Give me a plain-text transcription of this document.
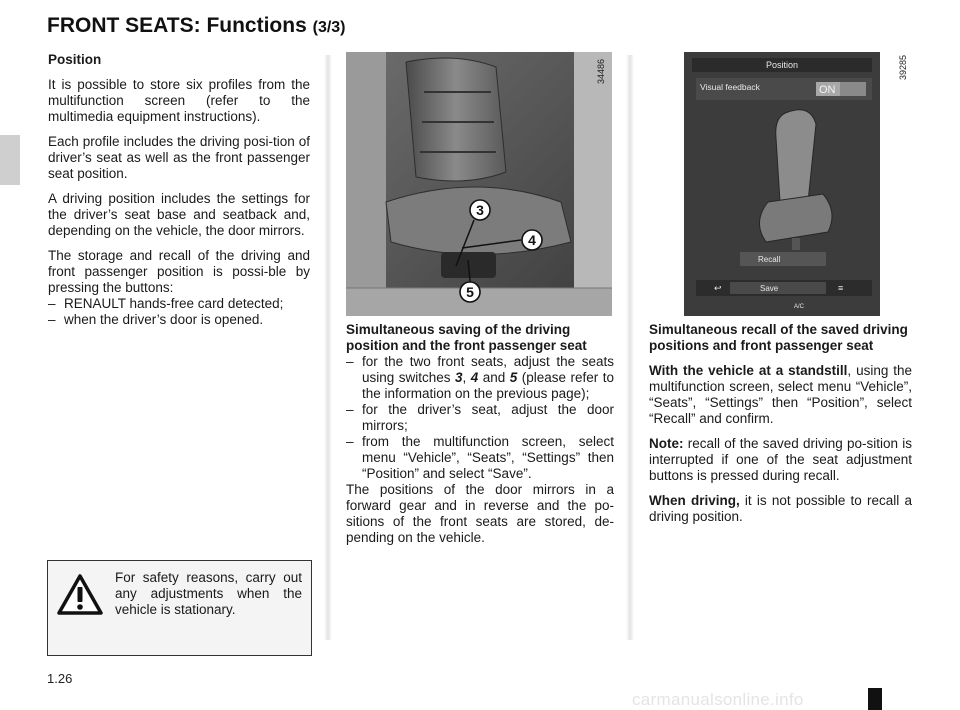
FRONT SEATS: Functions (3/3)

Position

It is possible to store six profiles from the multifunction screen (refer to the multimedia equipment instructions).

Each profile includes the driving posi-tion of driver’s seat as well as the front passenger seat position.

A driving position includes the settings for the driver’s seat base and seatback and, depending on the vehicle, the door mirrors.

The storage and recall of the driving and front passenger position is possi-ble by pressing the buttons:

– RENAULT hands-free card detected;
– when the driver’s door is opened.
For safety reasons, carry out any adjustments when the vehicle is stationary.
3
4
5
34486	Position
Visual feedback	ON
Recall
↩	Save	≡
A/C
39285

Simultaneous saving of the driving position and the front passenger seat

– for the two front seats, adjust the seats using switches 3, 4 and 5 (please refer to the information on the previous page);
– for the driver’s seat, adjust the door mirrors;
– from the multifunction screen, select menu “Vehicle”, “Seats”, “Settings” then “Position” and select “Save”.

The positions of the door mirrors in a forward gear and in reverse and the po-sitions of the front seats are stored, de-pending on the vehicle.

Simultaneous recall of the saved driving positions and front passenger seat

With the vehicle at a standstill, using the multifunction screen, select menu “Vehicle”, “Seats”, “Settings” then “Position”, select “Recall” and confirm.

Note: recall of the saved driving po-sition is interrupted if one of the seat adjustment buttons is pressed during recall.

When driving, it is not possible to recall a driving position.

1.26
carmanualsonline.info
